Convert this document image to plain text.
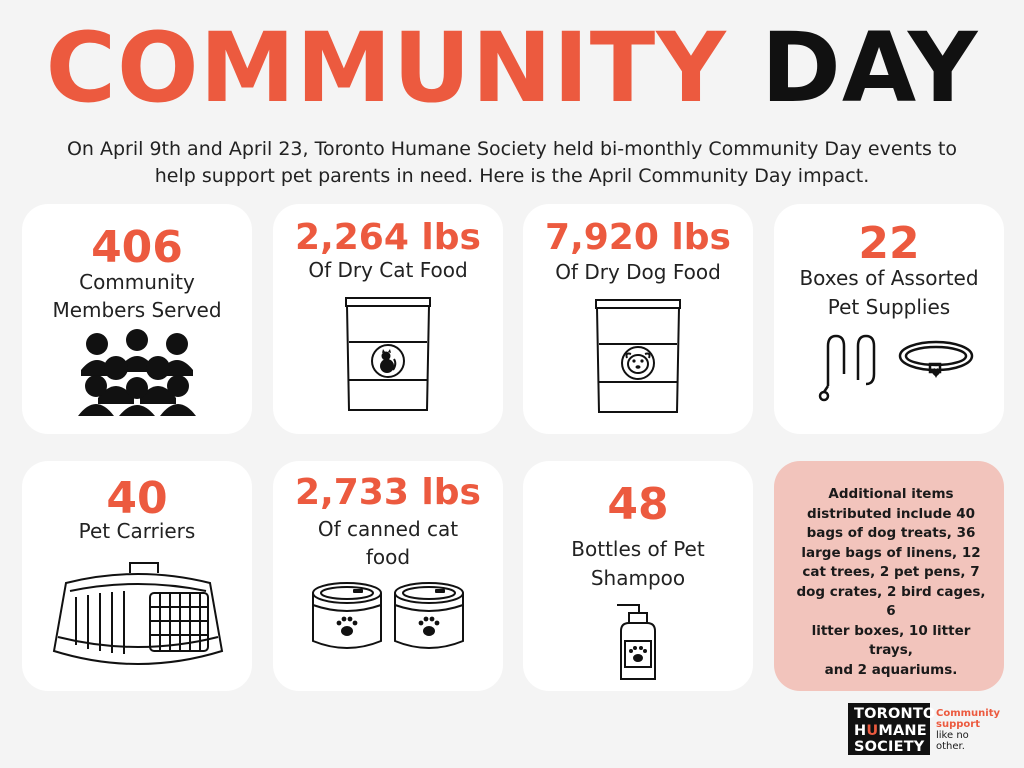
COMMUNITY DAY
On April 9th and April 23, Toronto Humane Society held bi-monthly Community Day events to
help support pet parents in need. Here is the April Community Day impact.
406
Community
Members Served
2,264 lbs
Of Dry Cat Food
7,920 lbs
Of Dry Dog Food
22
Boxes of Assorted
Pet Supplies
40
Pet Carriers
2,733 lbs
Of canned cat
food
48
Bottles of Pet
Shampoo
Additional items
distributed include 40
bags of dog treats, 36
large bags of linens, 12
cat trees, 2 pet pens, 7
dog crates, 2 bird cages, 6
litter boxes, 10 litter trays,
and 2 aquariums.
TORONTO
HUMANE
SOCIETY
Community
support
like no
other.
